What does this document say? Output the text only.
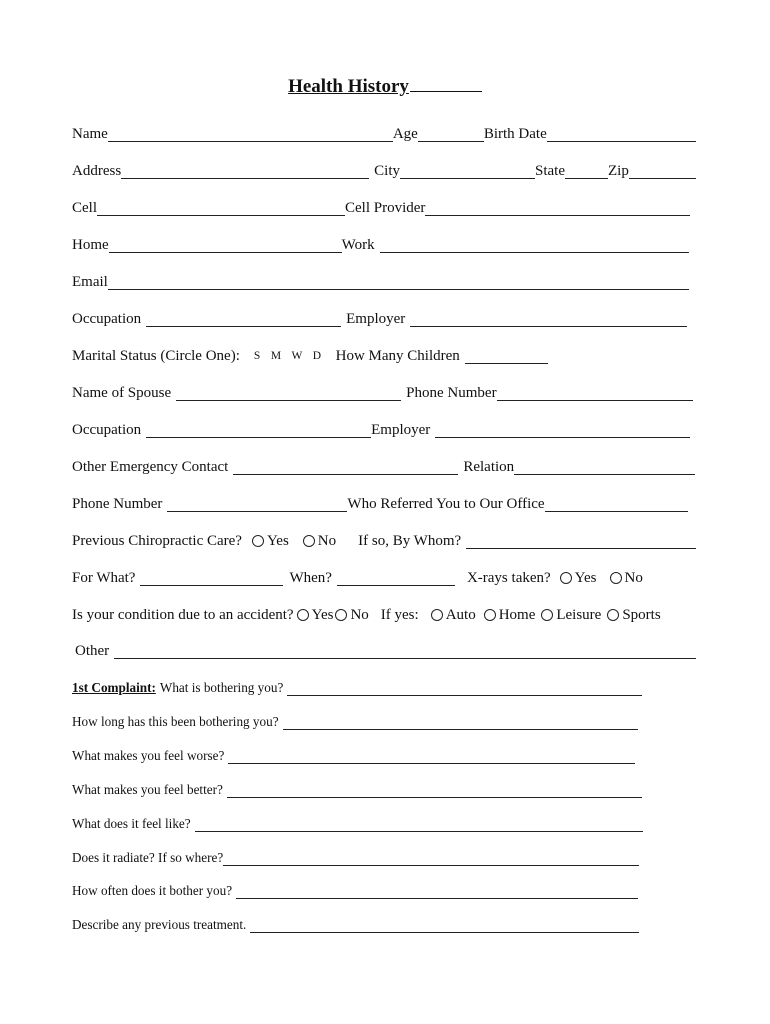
Health History
Name	Age	Birth Date
Address	City	State	Zip
Cell	Cell Provider
Home	Work
Email
Occupation	Employer
Marital Status (Circle One): S   M   W   D How Many Children
Name of Spouse	Phone Number
Occupation	Employer
Other Emergency Contact	Relation
Phone Number	Who Referred You to Our Office
Previous Chiropractic Care? Yes No If so, By Whom?
For What?	When?	X-rays taken? Yes No
Is your condition due to an accident? Yes No If yes: Auto Home Leisure Sports
Other
1st Complaint: What is bothering you?
How long has this been bothering you?
What makes you feel worse?
What makes you feel better?
What does it feel like?
Does it radiate? If so where?
How often does it bother you?
Describe any previous treatment.
